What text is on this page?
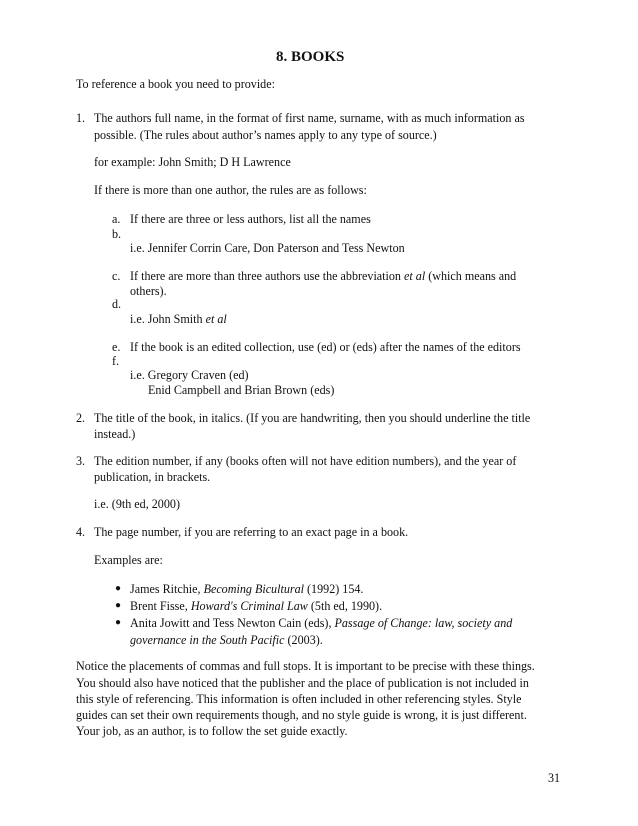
8. BOOKS
To reference a book you need to provide:
1. The authors full name, in the format of first name, surname, with as much information as
possible. (The rules about author’s names apply to any type of source.)
for example: John Smith; D H Lawrence
If there is more than one author, the rules are as follows:
a. If there are three or less authors, list all the names
b.
i.e. Jennifer Corrin Care, Don Paterson and Tess Newton
c. If there are more than three authors use the abbreviation et al (which means and
others).
d.
i.e. John Smith et al
e. If the book is an edited collection, use (ed) or (eds) after the names of the editors
f.
i.e. Gregory Craven (ed)
Enid Campbell and Brian Brown (eds)
2. The title of the book, in italics. (If you are handwriting, then you should underline the title
instead.)
3. The edition number, if any (books often will not have edition numbers), and the year of
publication, in brackets.
i.e. (9th ed, 2000)
4. The page number, if you are referring to an exact page in a book.
Examples are:
● James Ritchie, Becoming Bicultural (1992) 154.
● Brent Fisse, Howard's Criminal Law (5th ed, 1990).
● Anita Jowitt and Tess Newton Cain (eds), Passage of Change: law, society and
governance in the South Pacific (2003).
Notice the placements of commas and full stops. It is important to be precise with these things.
You should also have noticed that the publisher and the place of publication is not included in
this style of referencing. This information is often included in other referencing styles. Style
guides can set their own requirements though, and no style guide is wrong, it is just different.
Your job, as an author, is to follow the set guide exactly.
31
